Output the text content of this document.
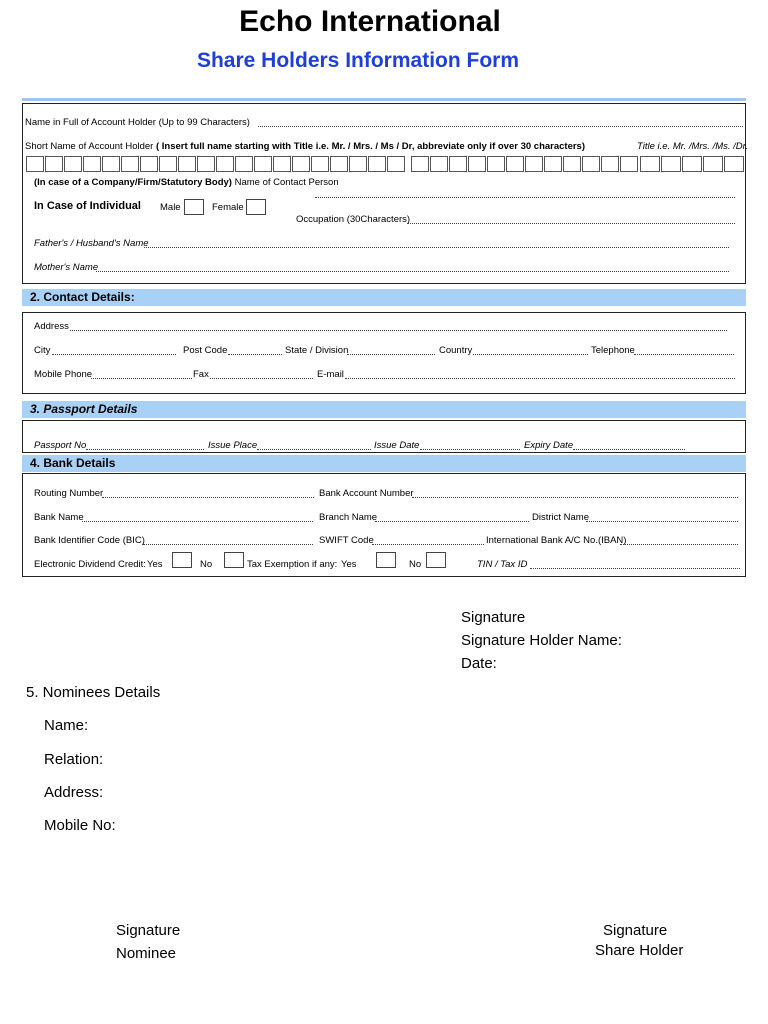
Echo International
Share Holders Information Form
Name in Full of Account Holder (Up to 99 Characters)
Short Name of Account Holder ( Insert full name starting with Title i.e. Mr. / Mrs. / Ms / Dr, abbreviate only if over 30 characters)	Title i.e. Mr. /Mrs. /Ms. /Dr.
(In case of a Company/Firm/Statutory Body) Name of Contact Person
In Case of Individual Male	Female
Occupation (30Characters)
Father's / Husband's Name
Mother's Name
2. Contact Details:
Address
City	Post Code	State / Division	Country	Telephone
Mobile Phone	Fax	E-mail
3. Passport Details
Passport No	Issue Place	Issue Date	Expiry Date
4. Bank Details
Routing Number	Bank Account Number
Bank Name	Branch Name	District Name
Bank Identifier Code (BIC)	SWIFT Code	International Bank A/C No.(IBAN)
Electronic Dividend Credit: Yes	No	Tax Exemption if any: Yes	No	TIN / Tax ID
Signature
Signature Holder Name:
Date:
5. Nominees Details
Name:
Relation:
Address:
Mobile No:
Signature
Nominee
Signature
Share Holder
